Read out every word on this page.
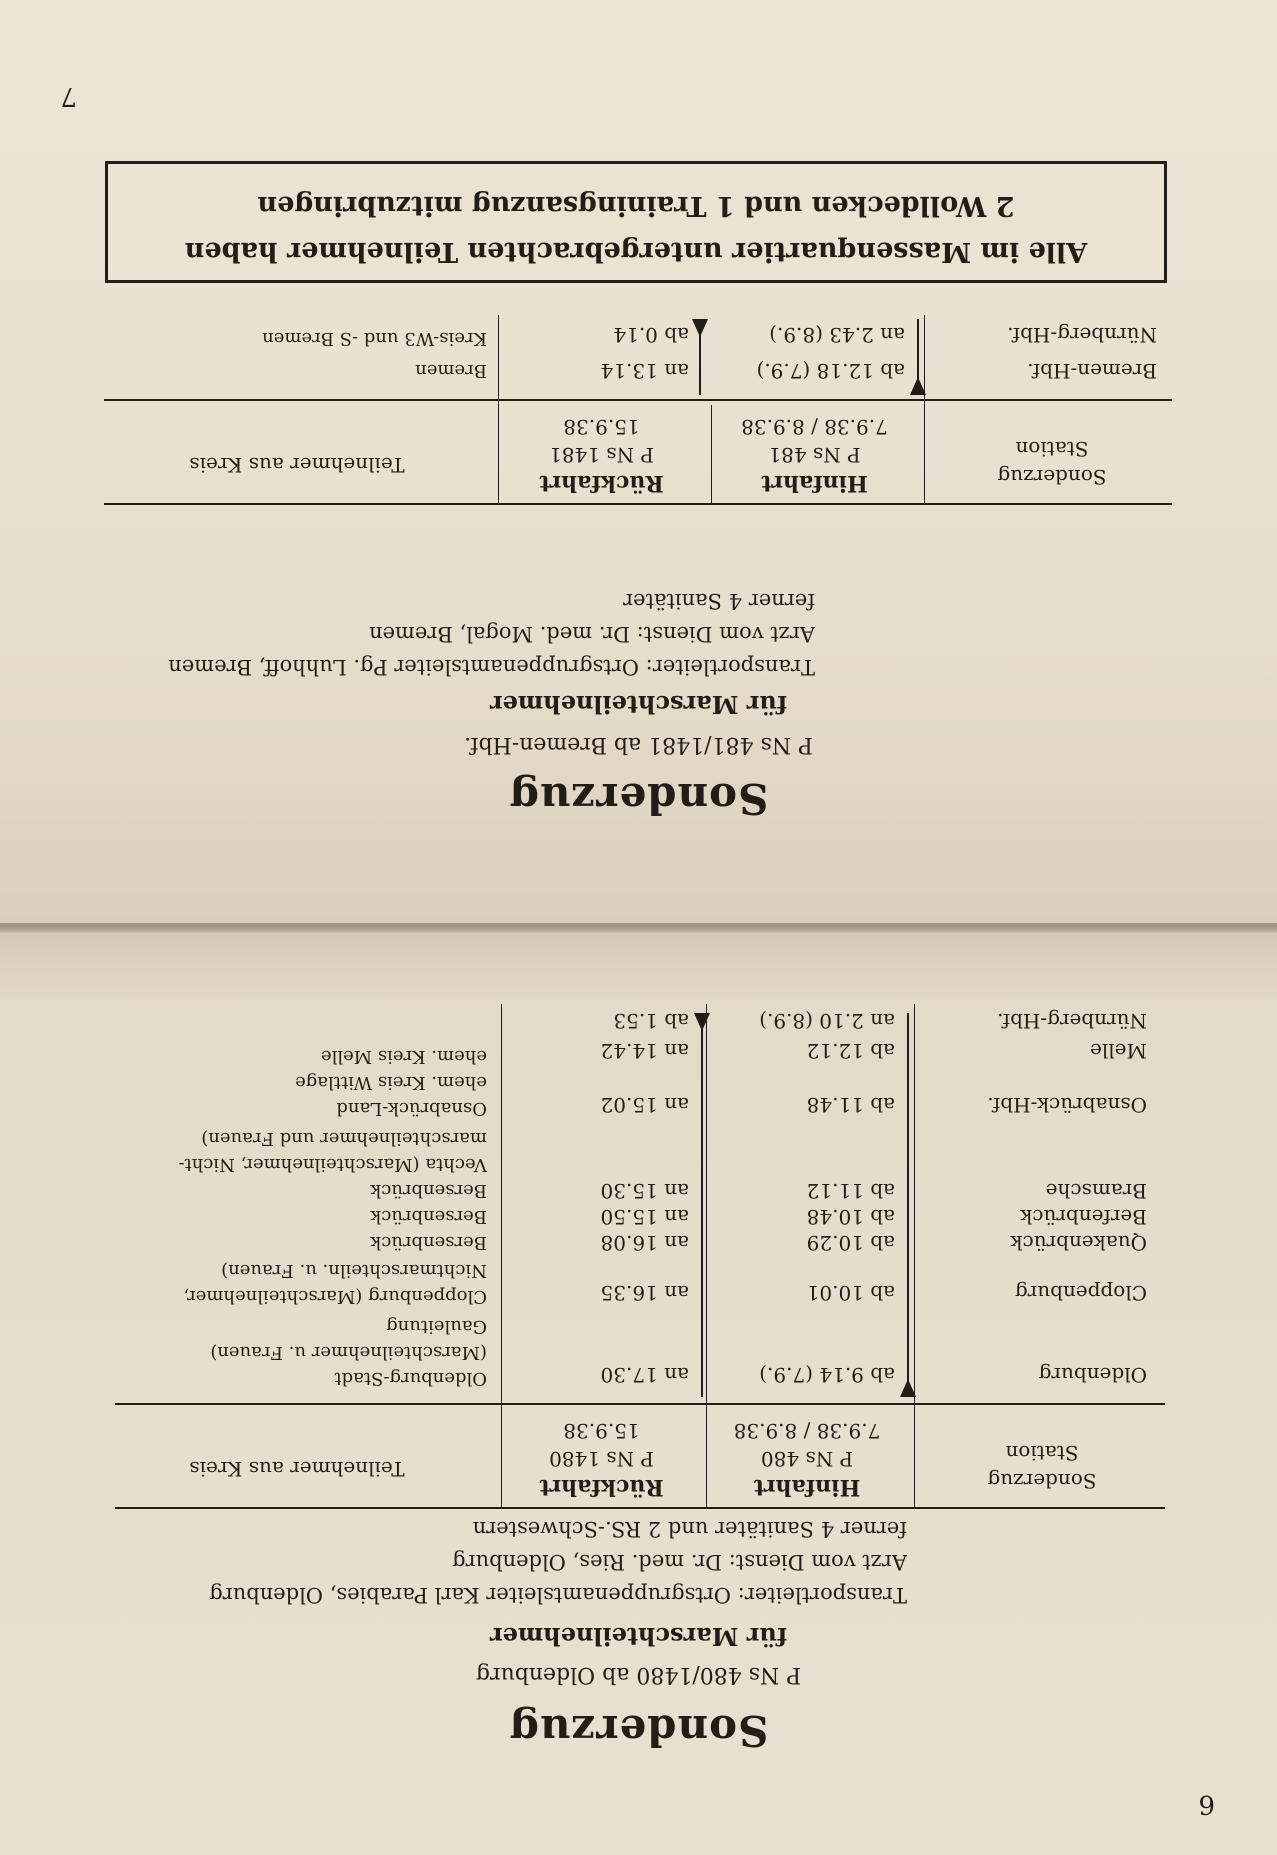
6
Sonderzug
P Ns 480/1480 ab Oldenburg
für Marschteilnehmer
Transportleiter: Ortsgruppenamtsleiter Karl Parabies, Oldenburg
Arzt vom Dienst: Dr. med. Ries, Oldenburg
ferner 4 Sanitäter und 2 RS.-Schwestern
Sonderzug Station
Hinfahrt
P Ns 480
7.9.38 / 8.9.38
Rückfahrt
P Ns 1480
15.9.38
Teilnehmer aus Kreis
Oldenburg
ab 9.14 (7.9.)
an 17.30
Oldenburg-Stadt
(Marschteilnehmer u. Frauen)
Gauleitung
Cloppenburg
ab 10.01
an 16.35
Cloppenburg (Marschteilnehmer,
Nichtmarschteiln. u. Frauen)
Quakenbrück
ab 10.29
an 16.08
Bersenbrück
Berfenbrück
ab 10.48
an 15.50
Bersenbrück
Bramsche
ab 11.12
an 15.30
Bersenbrück
Vechta (Marschteilnehmer, Nicht-
marschteilnehmer und Frauen)
Osnabrück-Hbf.
ab 11.48
an 15.02
Osnabrück-Land
ehem. Kreis Wittlage
Melle
ab 12.12
an 14.42
ehem. Kreis Melle
Nürnberg-Hbf.
an 2.10 (8.9.)
ab 1.53
Sonderzug
P Ns 481/1481 ab Bremen-Hbf.
für Marschteilnehmer
Transportleiter: Ortsgruppenamtsleiter Pg. Luhhoff, Bremen
Arzt vom Dienst: Dr. med. Mogal, Bremen
ferner 4 Sanitäter
Sonderzug Station
Hinfahrt
P Ns 481
7.9.38 / 8.9.38
Rückfahrt
P Ns 1481
15.9.38
Teilnehmer aus Kreis
Bremen-Hbf.
ab 12.18 (7.9.)
an 13.14
Bremen
Nürnberg-Hbf.
an 2.43 (8.9.)
ab 0.14
Kreis-W3 und -S Bremen
Alle im Massenquartier untergebrachten Teilnehmer haben
2 Wolldecken und 1 Trainingsanzug mitzubringen
7
